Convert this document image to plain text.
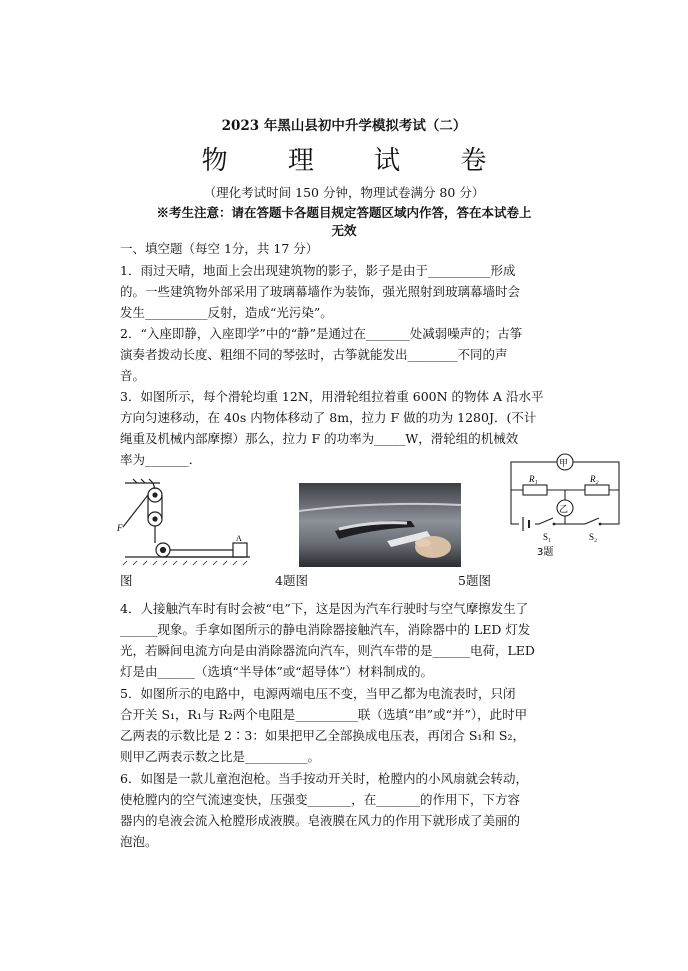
2023 年黑山县初中升学模拟考试（二）
物 理 试 卷
（理化考试时间 150 分钟，物理试卷满分 80 分）
※考生注意：请在答题卡各题目规定答题区域内作答，答在本试卷上
无效
一、填空题（每空 1分，共 17 分）
1．雨过天晴，地面上会出现建筑物的影子，影子是由于__________形成
的。一些建筑物外部采用了玻璃幕墙作为装饰，强光照射到玻璃幕墙时会
发生__________反射，造成“光污染”。
2．“入座即静，入座即学”中的“静”是通过在_______处减弱噪声的；古筝
演奏者拨动长度、粗细不同的琴弦时，古筝就能发出________不同的声
音。
3．如图所示，每个滑轮均重 12N，用滑轮组拉着重 600N 的物体 A 沿水平
方向匀速移动，在 40s 内物体移动了 8m，拉力 F 做的功为 1280J．(不计
绳重及机械内部摩擦）那么，拉力 F 的功率为_____W，滑轮组的机械效
率为_______．
F
A
甲
乙
R₁	R₂
S₁	S₂
3题
图	4题图	5题图
4．人接触汽车时有时会被“电”下，这是因为汽车行驶时与空气摩擦发生了
______现象。手拿如图所示的静电消除器接触汽车，消除器中的 LED 灯发
光，若瞬间电流方向是由消除器流向汽车，则汽车带的是______电荷，LED
灯是由______（选填“半导体”或“超导体”）材料制成的。
5．如图所示的电路中，电源两端电压不变，当甲乙都为电流表时，只闭
合开关 S₁，R₁与 R₂两个电阻是__________联（选填“串”或“并”），此时甲
乙两表的示数比是 2∶3：如果把甲乙全部换成电压表，再闭合 S₁和 S₂，
则甲乙两表示数之比是__________。
6．如图是一款儿童泡泡枪。当手按动开关时，枪膛内的小风扇就会转动，
使枪膛内的空气流速变快，压强变_______，在_______的作用下，下方容
器内的皂液会流入枪膛形成液膜。皂液膜在风力的作用下就形成了美丽的
泡泡。
